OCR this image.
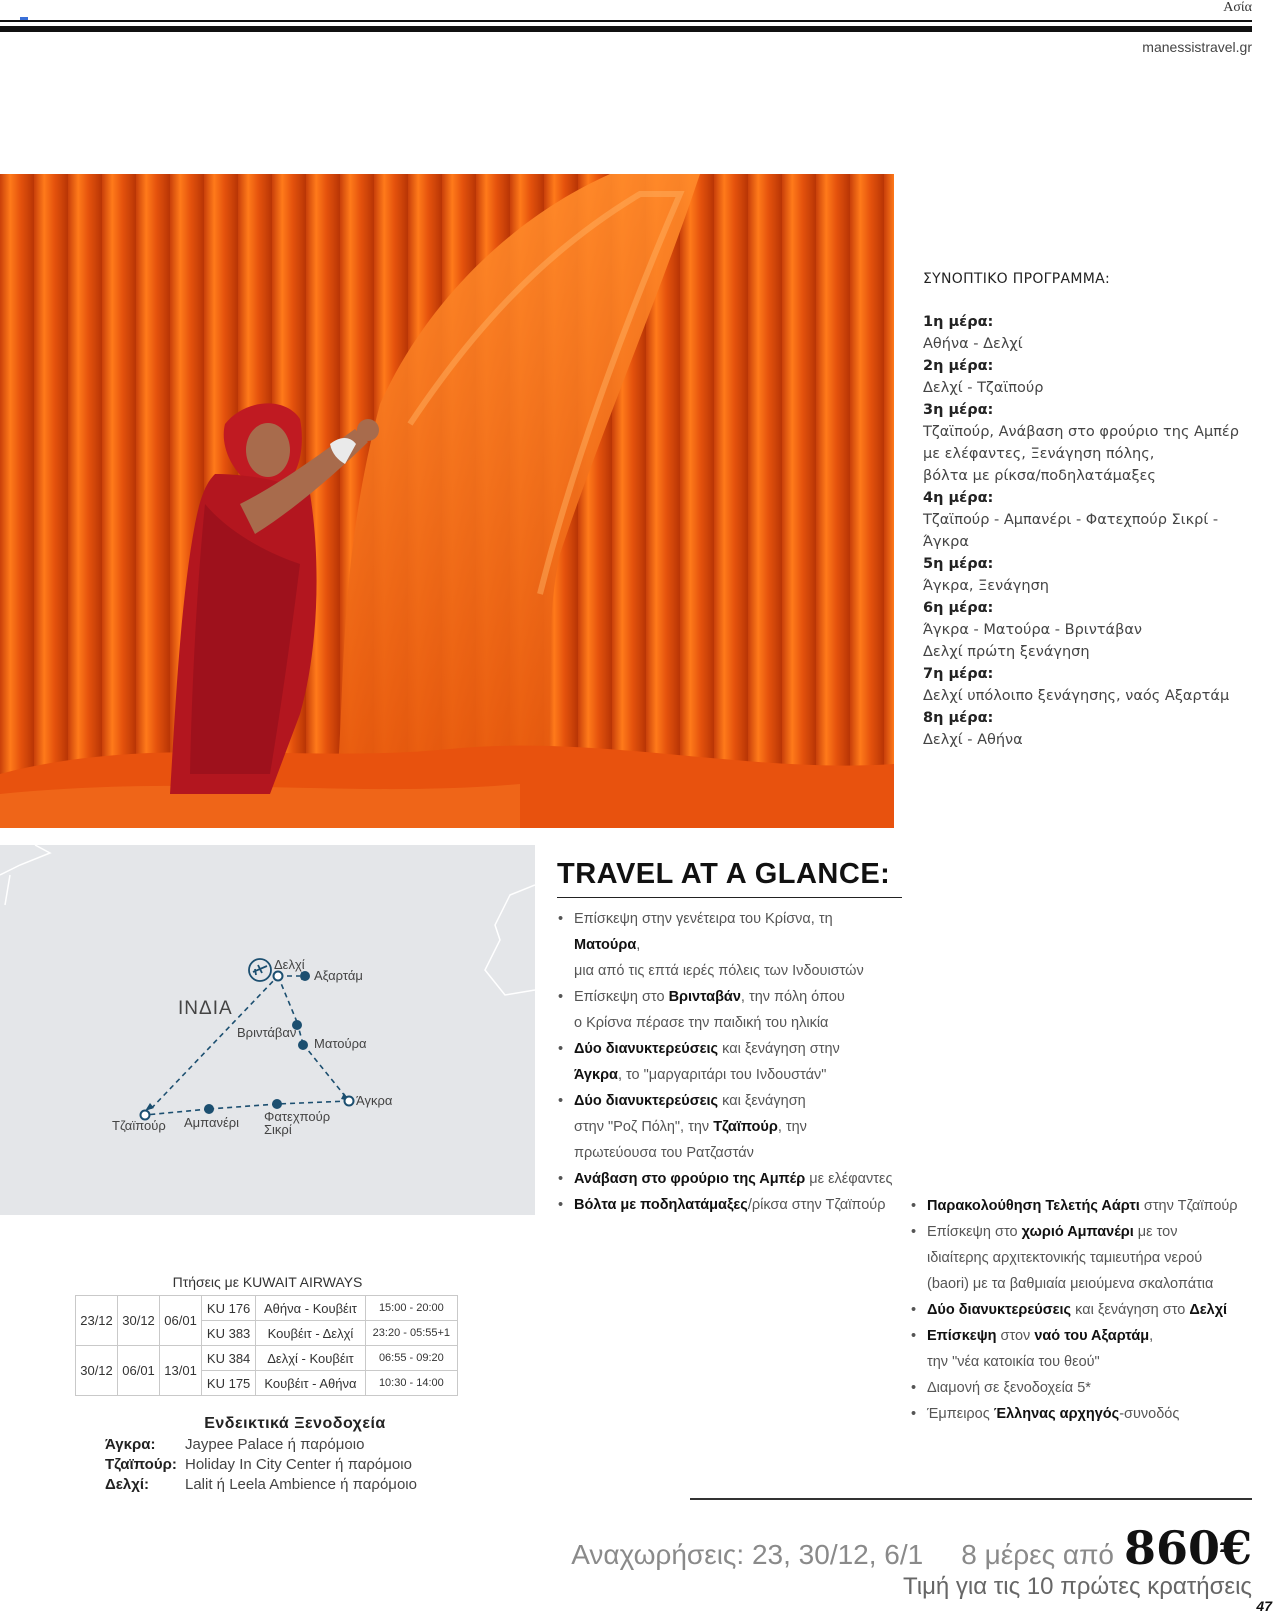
Ασία
manessistravel.gr
ΣΥΝΟΠΤΙΚΟ ΠΡΟΓΡΑΜΜΑ:
1η μέρα:
Αθήνα - Δελχί
2η μέρα:
Δελχί - Τζαϊπούρ
3η μέρα:
Τζαϊπούρ, Ανάβαση στο φρούριο της Αμπέρ
με ελέφαντες, Ξενάγηση πόλης,
βόλτα με ρίκσα/ποδηλατάμαξες
4η μέρα:
Τζαϊπούρ - Αμπανέρι - Φατεχπούρ Σικρί - Άγκρα
5η μέρα:
Άγκρα, Ξενάγηση
6η μέρα:
Άγκρα - Ματούρα - Βριντάβαν
Δελχί πρώτη ξενάγηση
7η μέρα:
Δελχί υπόλοιπο ξενάγησης, ναός Αξαρτάμ
8η μέρα:
Δελχί - Αθήνα
ΙΝΔΙΑ
Δελχί
Αξαρτάμ
Βριντάβαν
Ματούρα
Άγκρα
Τζαϊπούρ Αμπανέρι Φατεχπούρ
Σικρί
TRAVEL AT A GLANCE:
• Επίσκεψη στην γενέτειρα του Κρίσνα, τη Ματούρα,
μια από τις επτά ιερές πόλεις των Ινδουιστών
• Επίσκεψη στο Βρινταβάν, την πόλη όπου
ο Κρίσνα πέρασε την παιδική του ηλικία
• Δύο διανυκτερεύσεις και ξενάγηση στην
Άγκρα, το "μαργαριτάρι του Ινδουστάν"
• Δύο διανυκτερεύσεις και ξενάγηση
στην "Ροζ Πόλη", την Τζαϊπούρ, την
πρωτεύουσα του Ρατζαστάν
• Ανάβαση στο φρούριο της Αμπέρ με ελέφαντες
• Βόλτα με ποδηλατάμαξες/ρίκσα στην Τζαϊπούρ	• Παρακολούθηση Τελετής Αάρτι στην Τζαϊπούρ
• Επίσκεψη στο χωριό Αμπανέρι με τον
ιδιαίτερης αρχιτεκτονικής ταμιευτήρα νερού
(baori) με τα βαθμιαία μειούμενα σκαλοπάτια
• Δύο διανυκτερεύσεις και ξενάγηση στο Δελχί
• Επίσκεψη στον ναό του Αξαρτάμ,
την "νέα κατοικία του θεού"
• Διαμονή σε ξενοδοχεία 5*
• Έμπειρος Έλληνας αρχηγός-συνοδός
Πτήσεις με KUWAIT AIRWAYS
23/12	30/12	06/01	KU 176	Αθήνα - Κουβέιτ	15:00 - 20:00
			KU 383	Κουβέιτ - Δελχί	23:20 - 05:55+1
30/12	06/01	13/01	KU 384	Δελχί - Κουβέιτ	06:55 - 09:20
			KU 175	Κουβέιτ - Αθήνα	10:30 - 14:00
Ενδεικτικά Ξενοδοχεία
Άγκρα:	Jaypee Palace ή παρόμοιο
Τζαϊπούρ: Holiday In City Center ή παρόμοιο
Δελχί:	Lalit ή Leela Ambience ή παρόμοιο
Αναχωρήσεις: 23, 30/12, 6/1 8 μέρες από 860€
Τιμή για τις 10 πρώτες κρατήσεις
47
